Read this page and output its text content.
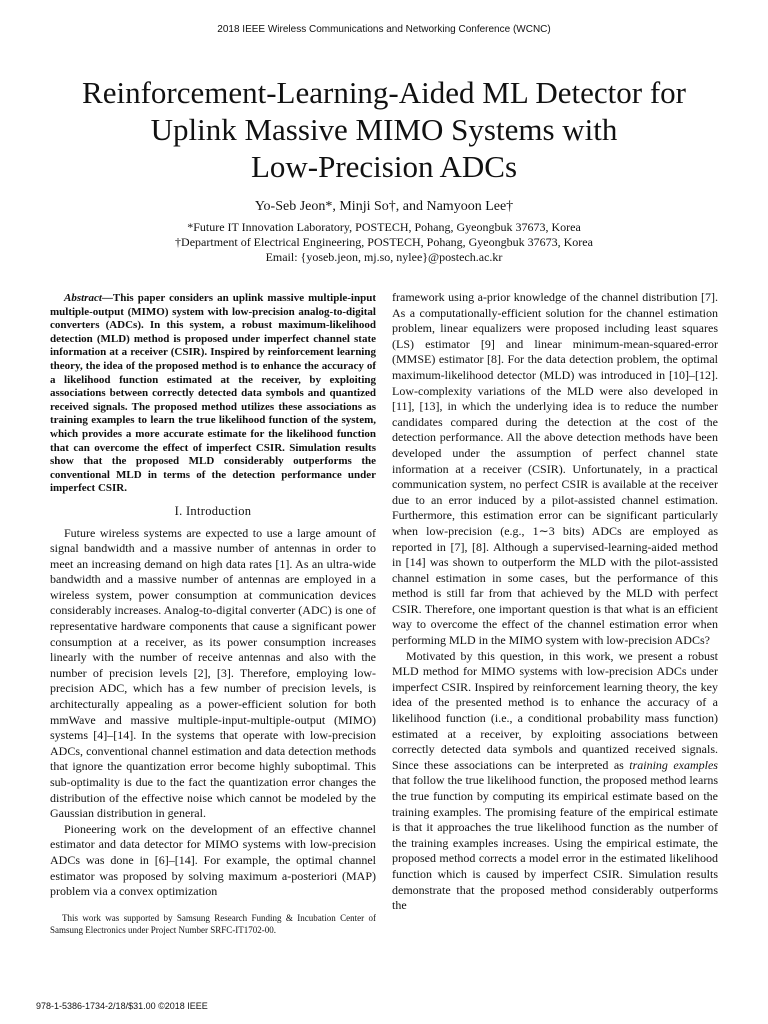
2018 IEEE Wireless Communications and Networking Conference (WCNC)
Reinforcement-Learning-Aided ML Detector for
Uplink Massive MIMO Systems with
Low-Precision ADCs
Yo-Seb Jeon*, Minji So†, and Namyoon Lee†
*Future IT Innovation Laboratory, POSTECH, Pohang, Gyeongbuk 37673, Korea
†Department of Electrical Engineering, POSTECH, Pohang, Gyeongbuk 37673, Korea
Email: {yoseb.jeon, mj.so, nylee}@postech.ac.kr
Abstract—This paper considers an uplink massive multiple-input multiple-output (MIMO) system with low-precision analog-to-digital converters (ADCs). In this system, a robust maximum-likelihood detection (MLD) method is proposed under imperfect channel state information at a receiver (CSIR). Inspired by reinforcement learning theory, the idea of the proposed method is to enhance the accuracy of a likelihood function estimated at the receiver, by exploiting associations between correctly detected data symbols and quantized received signals. The proposed method utilizes these associations as training examples to learn the true likelihood function of the system, which provides a more accurate estimate for the likelihood function that can overcome the effect of imperfect CSIR. Simulation results show that the proposed MLD considerably outperforms the conventional MLD in terms of the detection performance under imperfect CSIR.
I. Introduction

Future wireless systems are expected to use a large amount of signal bandwidth and a massive number of antennas in order to meet an increasing demand on high data rates [1]. As an ultra-wide bandwidth and a massive number of antennas are employed in a wireless system, power consumption at communication devices considerably increases. Analog-to-digital converter (ADC) is one of representative hardware components that cause a significant power consumption at a receiver, as its power consumption increases linearly with the number of receive antennas and also with the number of precision levels [2], [3]. Therefore, employing low-precision ADC, which has a few number of precision levels, is architecturally appealing as a power-efficient solution for both mmWave and massive multiple-input-multiple-output (MIMO) systems [4]–[14]. In the systems that operate with low-precision ADCs, conventional channel estimation and data detection methods that ignore the quantization error become highly suboptimal. This sub-optimality is due to the fact the quantization error changes the distribution of the effective noise which cannot be modeled by the Gaussian distribution in general.

Pioneering work on the development of an effective channel estimator and data detector for MIMO systems with low-precision ADCs was done in [6]–[14]. For example, the optimal channel estimator was proposed by solving maximum a-posteriori (MAP) problem via a convex optimization

framework using a-prior knowledge of the channel distribution [7]. As a computationally-efficient solution for the channel estimation problem, linear equalizers were proposed including least squares (LS) estimator [9] and linear minimum-mean-squared-error (MMSE) estimator [8]. For the data detection problem, the optimal maximum-likelihood detector (MLD) was introduced in [10]–[12]. Low-complexity variations of the MLD were also developed in [11], [13], in which the underlying idea is to reduce the number candidates compared during the detection at the cost of the detection performance. All the above detection methods have been developed under the assumption of perfect channel state information at a receiver (CSIR). Unfortunately, in a practical communication system, no perfect CSIR is available at the receiver due to an error induced by a pilot-assisted channel estimation. Furthermore, this estimation error can be significant particularly when low-precision (e.g., 1∼3 bits) ADCs are employed as reported in [7], [8]. Although a supervised-learning-aided method in [14] was shown to outperform the MLD with the pilot-assisted channel estimation in some cases, but the performance of this method is still far from that achieved by the MLD with perfect CSIR. Therefore, one important question is that what is an efficient way to overcome the effect of the channel estimation error when performing MLD in the MIMO system with low-precision ADCs?

Motivated by this question, in this work, we present a robust MLD method for MIMO systems with low-precision ADCs under imperfect CSIR. Inspired by reinforcement learning theory, the key idea of the presented method is to enhance the accuracy of a likelihood function (i.e., a conditional probability mass function) estimated at a receiver, by exploiting associations between correctly detected data symbols and quantized received signals. Since these associations can be interpreted as training examples that follow the true likelihood function, the proposed method learns the true function by computing its empirical estimate based on the training examples. The promising feature of the empirical estimate is that it approaches the true likelihood function as the number of the training examples increases. Using the empirical estimate, the proposed method corrects a model error in the estimated likelihood function which is caused by imperfect CSIR. Simulation results demonstrate that the proposed method considerably outperforms the

This work was supported by Samsung Research Funding & Incubation Center of Samsung Electronics under Project Number SRFC-IT1702-00.
978-1-5386-1734-2/18/$31.00 ©2018 IEEE
